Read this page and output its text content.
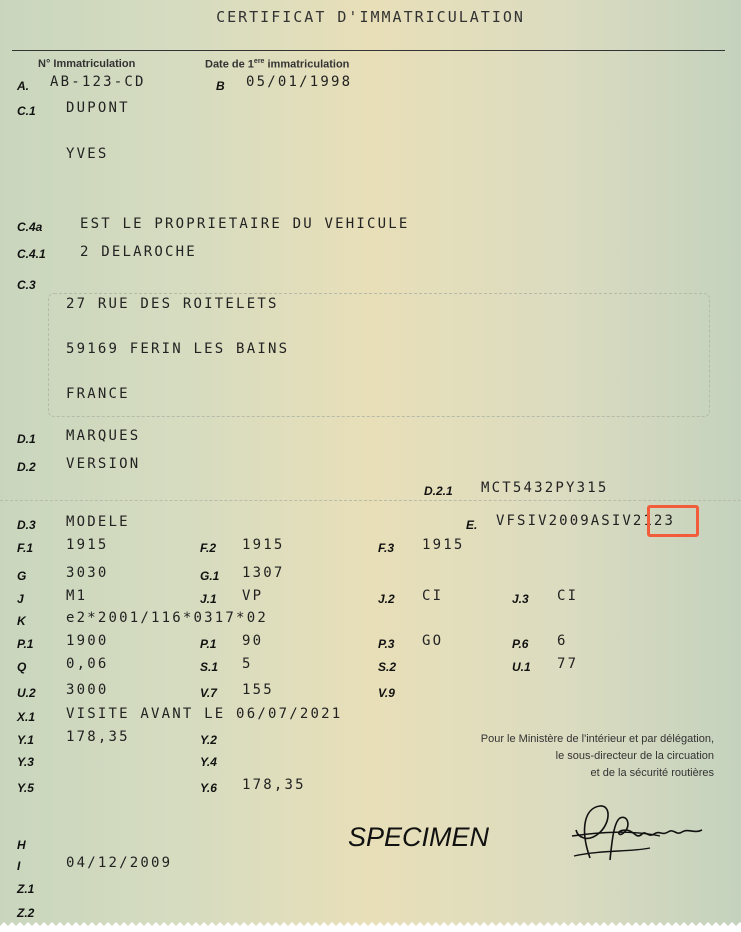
CERTIFICAT D'IMMATRICULATION
N° Immatriculation	Date de 1ere immatriculation
A. AB-123-CD	B 05/01/1998
C.1 DUPONT
YVES
C.4a	EST LE PROPRIETAIRE DU VEHICULE
C.4.1 2 DELAROCHE
C.3
27 RUE DES ROITELETS
59169 FERIN LES BAINS
FRANCE
D.1 MARQUES
D.2 VERSION
D.2.1 MCT5432PY315
D.3 MODELE	E. VFSIV2009ASIV2123
F.1 1915	F.2 1915	F.3 1915
G	3030	G.1 1307
J	M1	J.1 VP	J.2 CI	J.3 CI
K	e2*2001/116*0317*02
P.1 1900	P.1 90	P.3 GO	P.6 6
Q	0,06	S.1 5	S.2	U.1 77
U.2 3000	V.7 155	V.9
X.1 VISITE AVANT LE 06/07/2021
Y.1 178,35	Y.2
Y.3	Y.4
Y.5	Y.6 178,35
Pour le Ministère de l'intérieur et par délégation,
le sous-directeur de la circuation
et de la sécurité routières
H
I	04/12/2009
Z.1
Z.2
SPECIMEN
